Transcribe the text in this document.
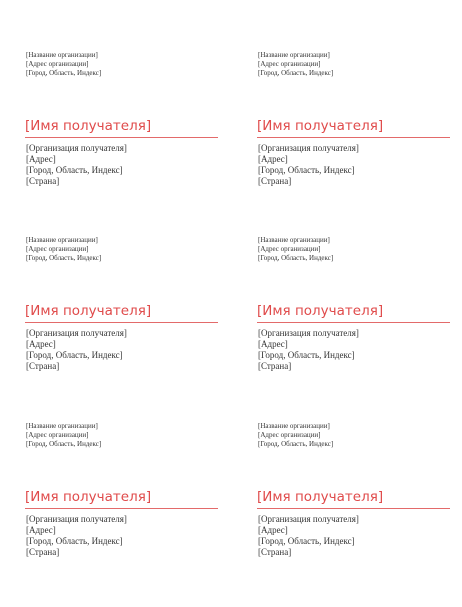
[Название организации]
[Адрес организации]
[Город, Область, Индекс]
[Имя получателя]
[Организация получателя]
[Адрес]
[Город, Область, Индекс]
[Страна]
[Название организации]
[Адрес организации]
[Город, Область, Индекс]
[Имя получателя]
[Организация получателя]
[Адрес]
[Город, Область, Индекс]
[Страна]
[Название организации]
[Адрес организации]
[Город, Область, Индекс]
[Имя получателя]
[Организация получателя]
[Адрес]
[Город, Область, Индекс]
[Страна]
[Название организации]
[Адрес организации]
[Город, Область, Индекс]
[Имя получателя]
[Организация получателя]
[Адрес]
[Город, Область, Индекс]
[Страна]
[Название организации]
[Адрес организации]
[Город, Область, Индекс]
[Имя получателя]
[Организация получателя]
[Адрес]
[Город, Область, Индекс]
[Страна]
[Название организации]
[Адрес организации]
[Город, Область, Индекс]
[Имя получателя]
[Организация получателя]
[Адрес]
[Город, Область, Индекс]
[Страна]
